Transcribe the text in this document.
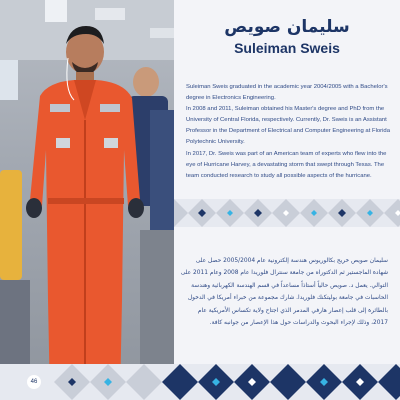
سليمان صويص
Suleiman Sweis

Suleiman Sweis graduated in the academic year 2004/2005 with a Bachelor's degree in Electronics Engineering.

In 2008 and 2011, Suleiman obtained his Master's degree and PhD from the University of Central Florida, respectively. Currently, Dr. Sweis is an Assistant Professor in the Department of Electrical and Computer Engineering at Florida Polytechnic University.

In 2017, Dr. Sweis was part of an American team of experts who flew into the eye of Hurricane Harvey, a devastating storm that swept through Texas. The team conducted research to study all possible aspects of the hurricane.

سليمان صويص خريج بكالوريوس هندسة إلكترونية عام 2005/2004 حصل على شهادة الماجستير ثم الدكتوراه من جامعة سنترال فلوريدا عام 2008 وعام 2011 على التوالي. يعمل د. صويص حالياً أستاذاً مساعداً في قسم الهندسة الكهربائية وهندسة الحاسبات في جامعة بوليتكنك فلوريدا. شارك مجموعة من خبراء أمريكا في الدخول بالطائرة إلى قلب إعصار هارفي المدمر الذي اجتاح ولاية تكساس الأمريكية عام 2017، وذلك لإجراء البحوث والدراسات حول هذا الإعصار من جوانبه كافة.
46
